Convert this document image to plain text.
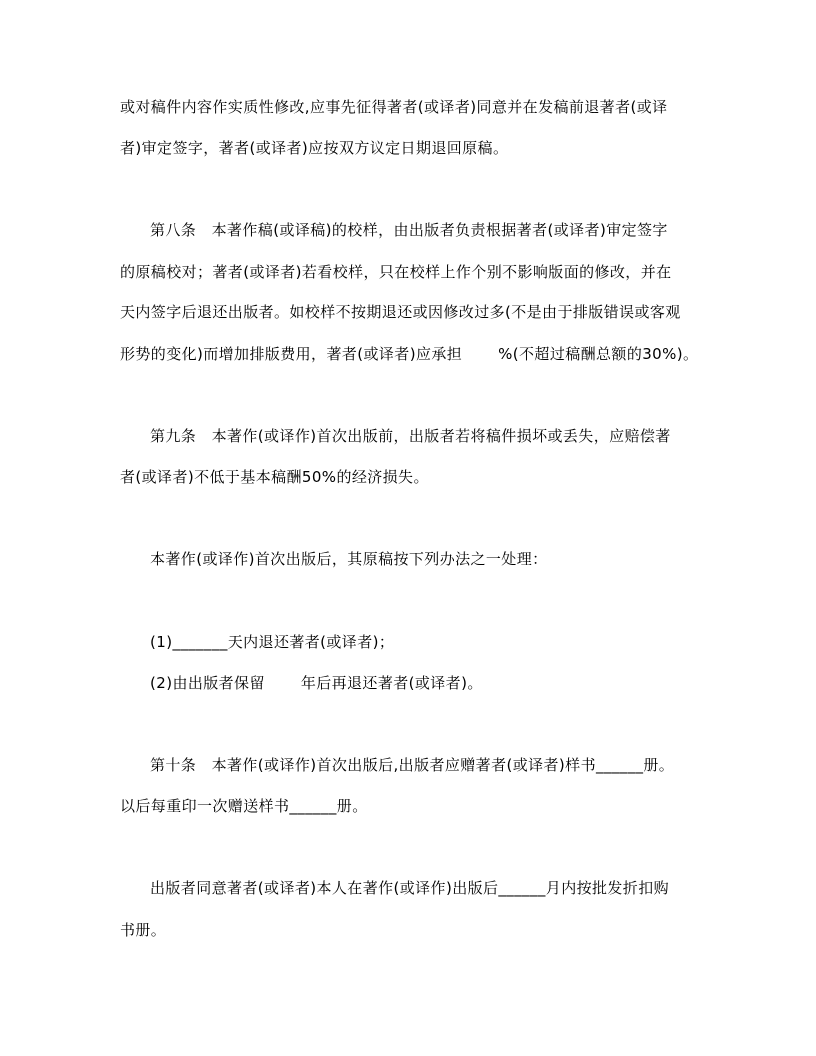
或对稿件内容作实质性修改,应事先征得著者(或译者)同意并在发稿前退著者(或译
者)审定签字，著者(或译者)应按双方议定日期退回原稿。
第八条　本著作稿(或译稿)的校样，由出版者负责根据著者(或译者)审定签字
的原稿校对；著者(或译者)若看校样，只在校样上作个别不影响版面的修改，并在
天内签字后退还出版者。如校样不按期退还或因修改过多(不是由于排版错误或客观
形势的变化)而增加排版费用，著者(或译者)应承担　　 %(不超过稿酬总额的30%)。
第九条　本著作(或译作)首次出版前，出版者若将稿件损坏或丢失，应赔偿著
者(或译者)不低于基本稿酬50%的经济损失。
本著作(或译作)首次出版后，其原稿按下列办法之一处理：
(1)_______天内退还著者(或译者)；
(2)由出版者保留　　 年后再退还著者(或译者)。
第十条　本著作(或译作)首次出版后,出版者应赠著者(或译者)样书______册。
以后每重印一次赠送样书______册。
出版者同意著者(或译者)本人在著作(或译作)出版后______月内按批发折扣购
书册。
